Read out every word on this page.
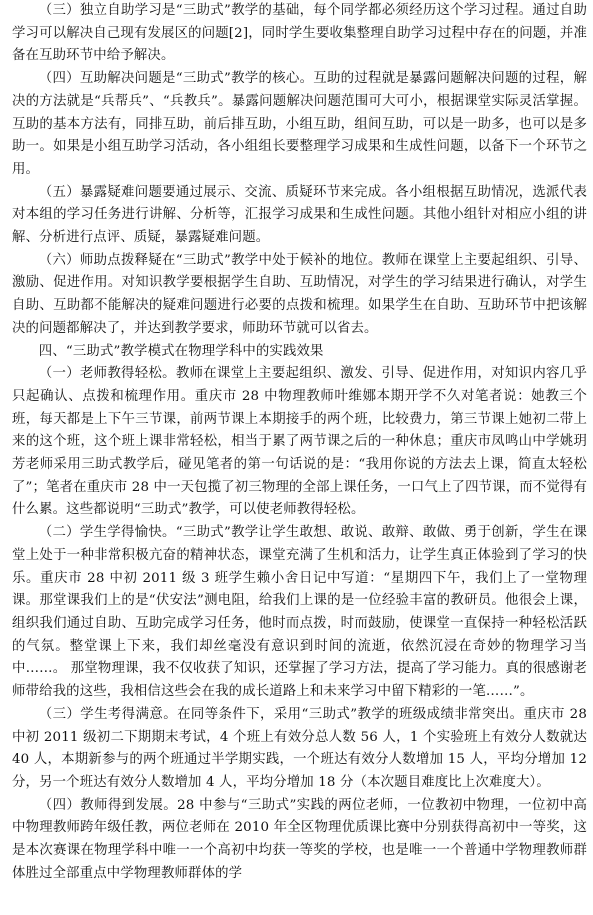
（三）独立自助学习是“三助式”教学的基础，每个同学都必须经历这个学习过程。通过自助学习可以解决自己现有发展区的问题[2]，同时学生要收集整理自助学习过程中存在的问题，并准备在互助环节中给予解决。

（四）互助解决问题是“三助式”教学的核心。互助的过程就是暴露问题解决问题的过程，解决的方法就是“兵帮兵”、“兵教兵”。暴露问题解决问题范围可大可小，根据课堂实际灵活掌握。互助的基本方法有，同排互助，前后排互助，小组互助，组间互助，可以是一助多，也可以是多助一。如果是小组互助学习活动，各小组组长要整理学习成果和生成性问题，以备下一个环节之用。

（五）暴露疑难问题要通过展示、交流、质疑环节来完成。各小组根据互助情况，选派代表对本组的学习任务进行讲解、分析等，汇报学习成果和生成性问题。其他小组针对相应小组的讲解、分析进行点评、质疑，暴露疑难问题。

（六）师助点拨释疑在“三助式”教学中处于候补的地位。教师在课堂上主要起组织、引导、激励、促进作用。对知识教学要根据学生自助、互助情况，对学生的学习结果进行确认，对学生自助、互助都不能解决的疑难问题进行必要的点拨和梳理。如果学生在自助、互助环节中把该解决的问题都解决了，并达到教学要求，师助环节就可以省去。

四、“三助式”教学模式在物理学科中的实践效果

（一）老师教得轻松。教师在课堂上主要起组织、激发、引导、促进作用，对知识内容几乎只起确认、点拨和梳理作用。重庆市 28 中物理教师叶维娜本期开学不久对笔者说：她教三个班，每天都是上下午三节课，前两节课上本期接手的两个班，比较费力，第三节课上她初二带上来的这个班，这个班上课非常轻松，相当于累了两节课之后的一种休息；重庆市凤鸣山中学姚玥芳老师采用三助式教学后，碰见笔者的第一句话说的是：“我用你说的方法去上课，简直太轻松了”；笔者在重庆市 28 中一天包揽了初三物理的全部上课任务，一口气上了四节课，而不觉得有什么累。这些都说明“三助式”教学，可以使老师教得轻松。

（二）学生学得愉快。“三助式”教学让学生敢想、敢说、敢辩、敢做、勇于创新，学生在课堂上处于一种非常积极亢奋的精神状态，课堂充满了生机和活力，让学生真正体验到了学习的快乐。重庆市 28 中初 2011 级 3 班学生赖小舍日记中写道：“星期四下午，我们上了一堂物理课。那堂课我们上的是“伏安法”测电阻，给我们上课的是一位经验丰富的教研员。他很会上课，组织我们通过自助、互助完成学习任务，他时而点拨，时而鼓励，使课堂一直保持一种轻松活跃的气氛。整堂课上下来，我们却丝毫没有意识到时间的流逝，依然沉浸在奇妙的物理学习当中……。 那堂物理课，我不仅收获了知识，还掌握了学习方法，提高了学习能力。真的很感谢老师带给我的这些，我相信这些会在我的成长道路上和未来学习中留下精彩的一笔……”。

（三）学生考得满意。在同等条件下，采用“三助式”教学的班级成绩非常突出。重庆市 28 中初 2011 级初二下期期末考试，4 个班上有效分总人数 56 人，1 个实验班上有效分人数就达 40 人，本期新参与的两个班通过半学期实践，一个班达有效分人数增加 15 人，平均分增加 12 分，另一个班达有效分人数增加 4 人，平均分增加 18 分（本次题目难度比上次难度大）。

（四）教师得到发展。28 中参与“三助式”实践的两位老师，一位教初中物理，一位初中高中物理教师跨年级任教，两位老师在 2010 年全区物理优质课比赛中分别获得高初中一等奖，这是本次赛课在物理学科中唯一一个高初中均获一等奖的学校，也是唯一一个普通中学物理教师群体胜过全部重点中学物理教师群体的学
